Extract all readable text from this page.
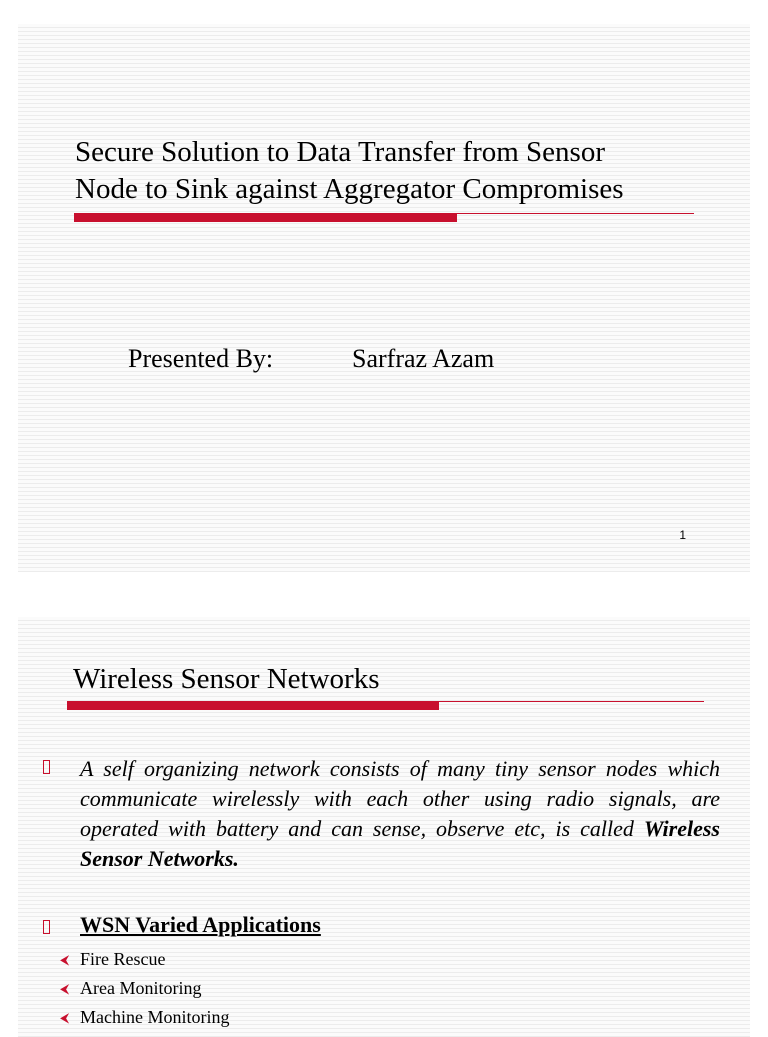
Secure Solution to Data Transfer from Sensor
Node to Sink against Aggregator Compromises
Presented By:	Sarfraz Azam
1
Wireless Sensor Networks

A self organizing network consists of many tiny sensor nodes which communicate wirelessly with each other using radio signals, are operated with battery and can sense, observe etc, is called Wireless Sensor Networks.

WSN Varied Applications
⮜ Fire Rescue
⮜ Area Monitoring
⮜ Machine Monitoring
